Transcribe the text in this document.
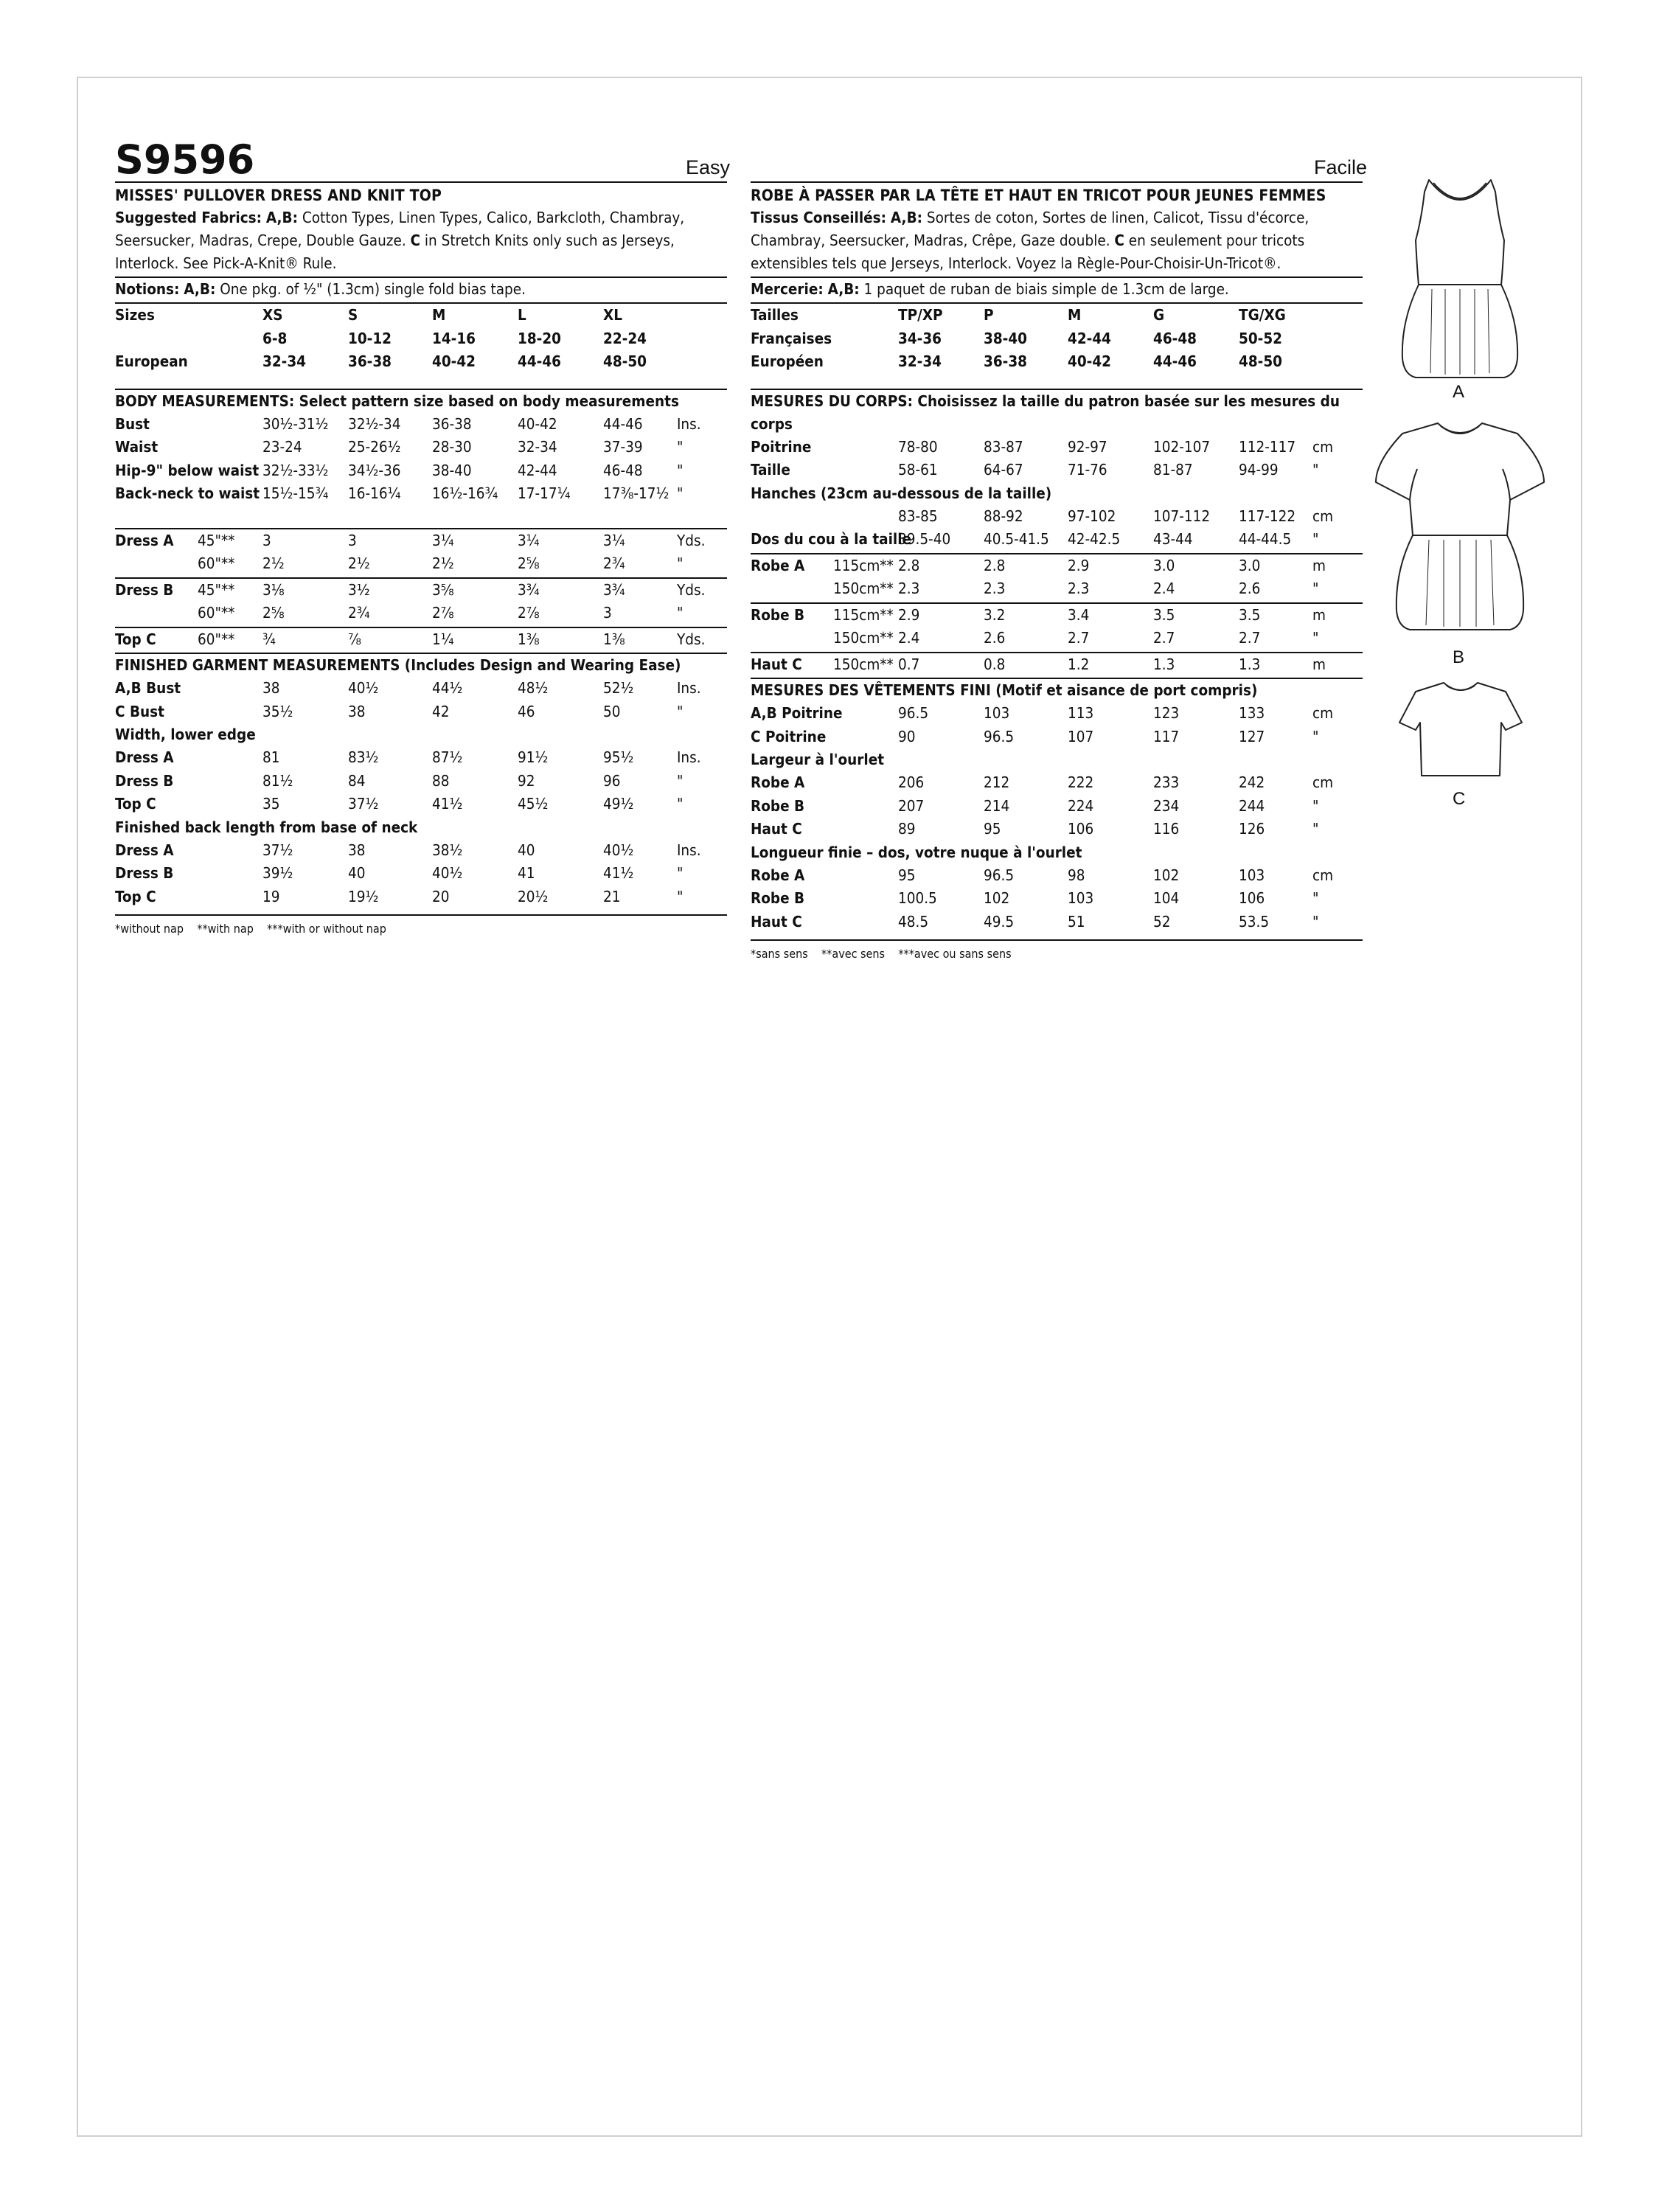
S9596	Easy	Facile
MISSES' PULLOVER DRESS AND KNIT TOP
Suggested Fabrics: A,B: Cotton Types, Linen Types, Calico, Barkcloth, Chambray, Seersucker, Madras, Crepe, Double Gauze. C in Stretch Knits only such as Jerseys, Interlock. See Pick-A-Knit® Rule.
Notions: A,B: One pkg. of ½" (1.3cm) single fold bias tape.
Sizes	XS	S	M	L	XL
6-8	10-12	14-16	18-20	22-24
European	32-34	36-38	40-42	44-46	48-50
BODY MEASUREMENTS: Select pattern size based on body measurements
Bust	30½-31½ 32½-34 36-38	40-42	44-46 Ins.
Waist	23-24	25-26½ 28-30	32-34	37-39 "
Hip-9" below waist 32½-33½ 34½-36 38-40	42-44	46-48 "
Back-neck to waist 15½-15¾ 16-16¼ 16½-16¾ 17-17¼ 17⅜-17½ "
Dress A 45"** 3	3	3¼	3¼	3¼	Yds.
60"** 2½	2½	2½	2⅝	2¾	"
Dress B 45"** 3⅛	3½	3⅝	3¾	3¾	Yds.
60"** 2⅝	2¾	2⅞	2⅞	3	"
Top C	60"** ¾	⅞	1¼	1⅜	1⅜	Yds.
FINISHED GARMENT MEASUREMENTS (Includes Design and Wearing Ease)
A,B Bust	38	40½	44½	48½	52½	Ins.
C Bust	35½	38	42	46	50	"
Width, lower edge
Dress A	81	83½	87½	91½	95½	Ins.
Dress B	81½	84	88	92	96	"
Top C	35	37½	41½	45½	49½	"
Finished back length from base of neck
Dress A	37½	38	38½	40	40½	Ins.
Dress B	39½	40	40½	41	41½	"
Top C	19	19½	20	20½	21	"
*without nap    **with nap    ***with or without nap
ROBE À PASSER PAR LA TÊTE ET HAUT EN TRICOT POUR JEUNES FEMMES
Tissus Conseillés: A,B: Sortes de coton, Sortes de linen, Calicot, Tissu d'écorce, Chambray, Seersucker, Madras, Crêpe, Gaze double. C en seulement pour tricots extensibles tels que Jerseys, Interlock. Voyez la Règle-Pour-Choisir-Un-Tricot®.
Mercerie: A,B: 1 paquet de ruban de biais simple de 1.3cm de large.
Tailles	TP/XP	P	M	G	TG/XG
Françaises	34-36	38-40	42-44	46-48	50-52
Européen	32-34	36-38	40-42	44-46	48-50
MESURES DU CORPS: Choisissez la taille du patron basée sur les mesures du corps
Poitrine	78-80	83-87	92-97	102-107 112-117 cm
Taille	58-61	64-67	71-76	81-87	94-99 "
Hanches (23cm au-dessous de la taille)
83-85	88-92	97-102 107-112 117-122 cm
Dos du cou à la taille
39.5-40 40.5-41.5 42-42.5 43-44	44-44.5 "
Robe A 115cm** 2.8	2.8	2.9	3.0	3.0	m
150cm** 2.3	2.3	2.3	2.4	2.6	"
Robe B 115cm** 2.9	3.2	3.4	3.5	3.5	m
150cm** 2.4	2.6	2.7	2.7	2.7	"
Haut C 150cm** 0.7	0.8	1.2	1.3	1.3	m
MESURES DES VÊTEMENTS FINI (Motif et aisance de port compris)
A,B Poitrine	96.5	103	113	123	133	cm
C Poitrine	90	96.5	107	117	127	"
Largeur à l'ourlet
Robe A	206	212	222	233	242	cm
Robe B	207	214	224	234	244	"
Haut C	89	95	106	116	126	"
Longueur finie – dos, votre nuque à l'ourlet
Robe A	95	96.5	98	102	103	cm
Robe B	100.5	102	103	104	106	"
Haut C	48.5	49.5	51	52	53.5	"
*sans sens    **avec sens    ***avec ou sans sens
A
B
C
